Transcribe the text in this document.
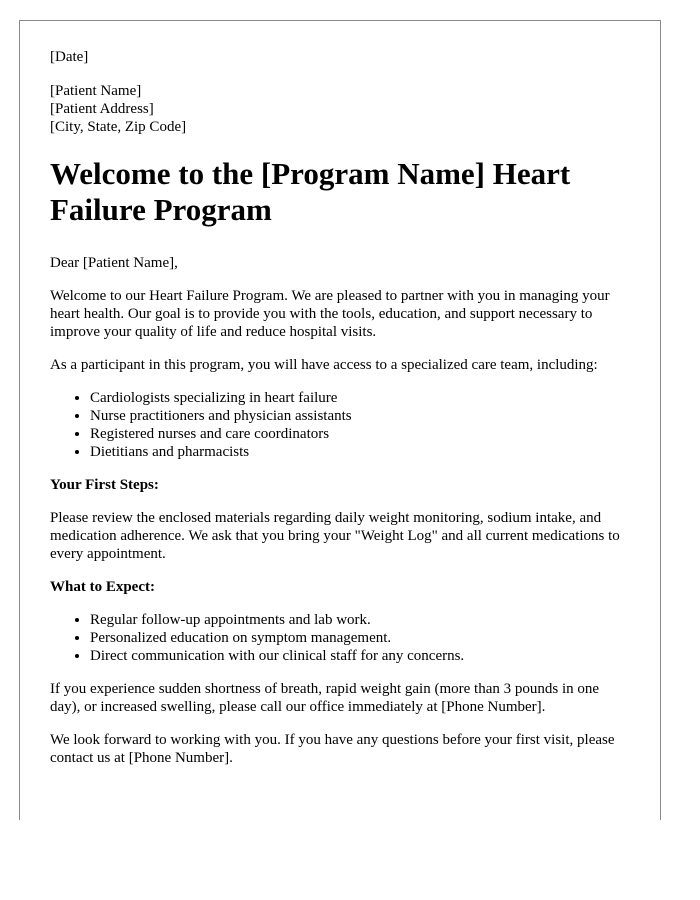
[Date]
[Patient Name]
[Patient Address]
[City, State, Zip Code]
Welcome to the [Program Name] Heart Failure Program

Dear [Patient Name],

Welcome to our Heart Failure Program. We are pleased to partner with you in managing your heart health. Our goal is to provide you with the tools, education, and support necessary to improve your quality of life and reduce hospital visits.

As a participant in this program, you will have access to a specialized care team, including:

• Cardiologists specializing in heart failure
• Nurse practitioners and physician assistants
• Registered nurses and care coordinators
• Dietitians and pharmacists

Your First Steps:

Please review the enclosed materials regarding daily weight monitoring, sodium intake, and medication adherence. We ask that you bring your "Weight Log" and all current medications to every appointment.

What to Expect:

• Regular follow-up appointments and lab work.
• Personalized education on symptom management.
• Direct communication with our clinical staff for any concerns.

If you experience sudden shortness of breath, rapid weight gain (more than 3 pounds in one day), or increased swelling, please call our office immediately at [Phone Number].

We look forward to working with you. If you have any questions before your first visit, please contact us at [Phone Number].
